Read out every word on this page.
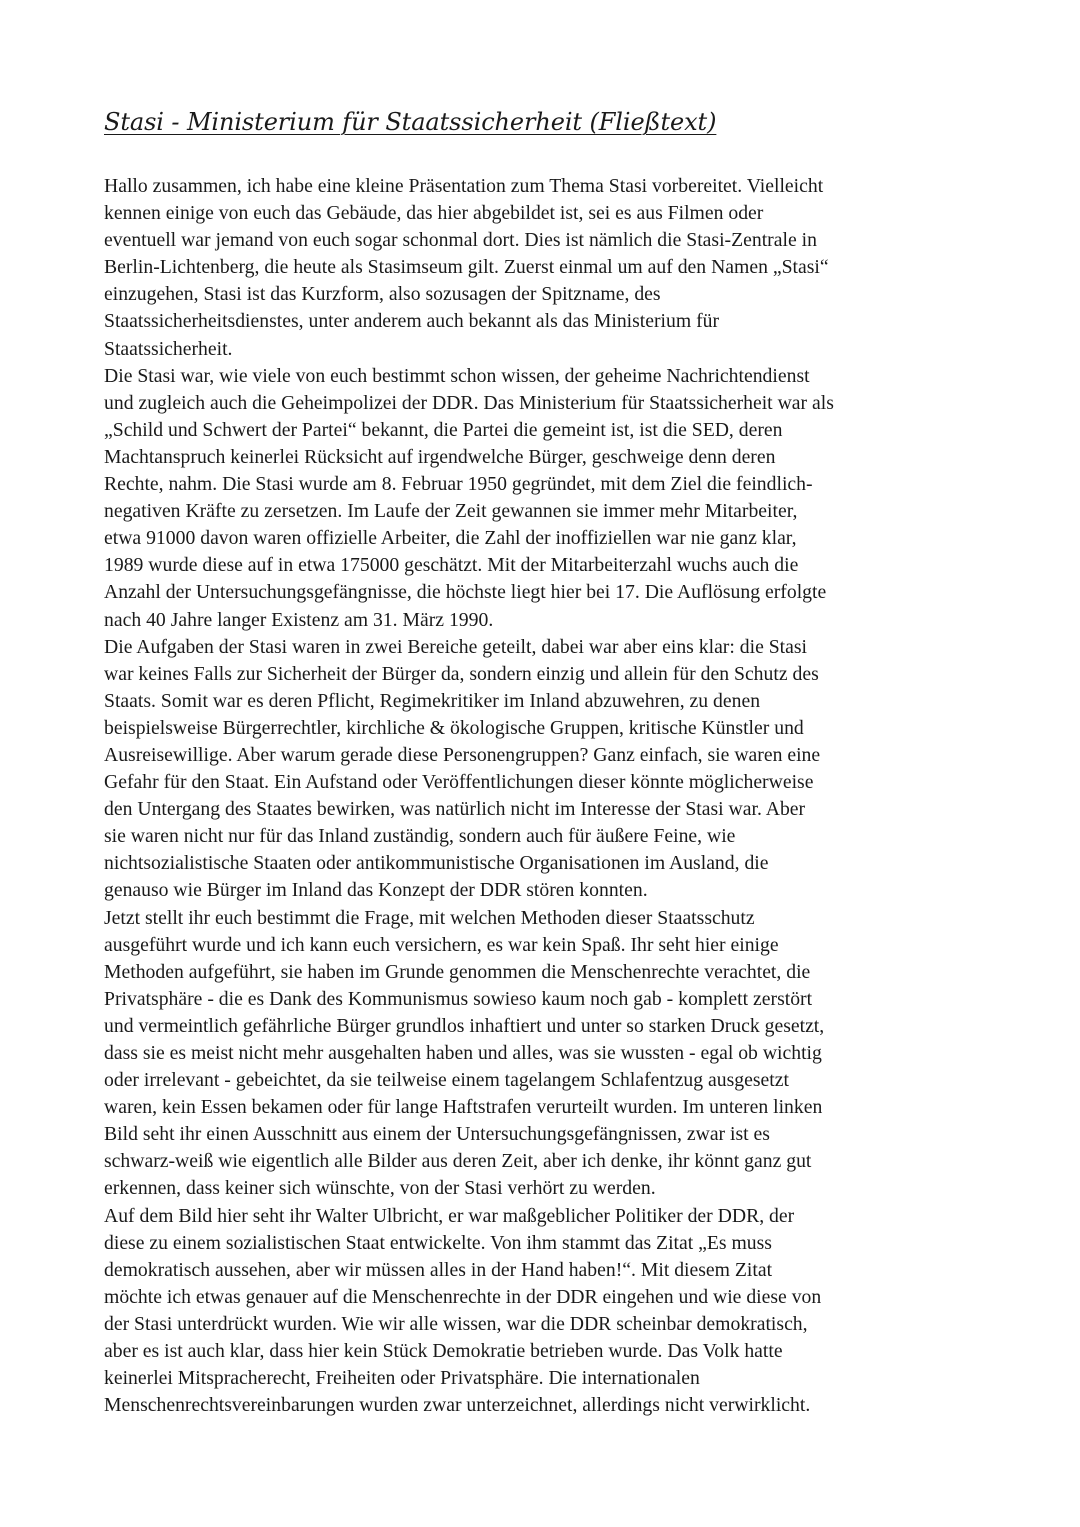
Stasi - Ministerium für Staatssicherheit (Fließtext)
Hallo zusammen, ich habe eine kleine Präsentation zum Thema Stasi vorbereitet. Vielleicht
kennen einige von euch das Gebäude, das hier abgebildet ist, sei es aus Filmen oder
eventuell war jemand von euch sogar schonmal dort. Dies ist nämlich die Stasi-Zentrale in
Berlin-Lichtenberg, die heute als Stasimseum gilt. Zuerst einmal um auf den Namen „Stasi“
einzugehen, Stasi ist das Kurzform, also sozusagen der Spitzname, des
Staatssicherheitsdienstes, unter anderem auch bekannt als das Ministerium für
Staatssicherheit.
Die Stasi war, wie viele von euch bestimmt schon wissen, der geheime Nachrichtendienst
und zugleich auch die Geheimpolizei der DDR. Das Ministerium für Staatssicherheit war als
„Schild und Schwert der Partei“ bekannt, die Partei die gemeint ist, ist die SED, deren
Machtanspruch keinerlei Rücksicht auf irgendwelche Bürger, geschweige denn deren
Rechte, nahm. Die Stasi wurde am 8. Februar 1950 gegründet, mit dem Ziel die feindlich-
negativen Kräfte zu zersetzen. Im Laufe der Zeit gewannen sie immer mehr Mitarbeiter,
etwa 91000 davon waren offizielle Arbeiter, die Zahl der inoffiziellen war nie ganz klar,
1989 wurde diese auf in etwa 175000 geschätzt. Mit der Mitarbeiterzahl wuchs auch die
Anzahl der Untersuchungsgefängnisse, die höchste liegt hier bei 17. Die Auflösung erfolgte
nach 40 Jahre langer Existenz am 31. März 1990.
Die Aufgaben der Stasi waren in zwei Bereiche geteilt, dabei war aber eins klar: die Stasi
war keines Falls zur Sicherheit der Bürger da, sondern einzig und allein für den Schutz des
Staats. Somit war es deren Pflicht, Regimekritiker im Inland abzuwehren, zu denen
beispielsweise Bürgerrechtler, kirchliche & ökologische Gruppen, kritische Künstler und
Ausreisewillige. Aber warum gerade diese Personengruppen? Ganz einfach, sie waren eine
Gefahr für den Staat. Ein Aufstand oder Veröffentlichungen dieser könnte möglicherweise
den Untergang des Staates bewirken, was natürlich nicht im Interesse der Stasi war. Aber
sie waren nicht nur für das Inland zuständig, sondern auch für äußere Feine, wie
nichtsozialistische Staaten oder antikommunistische Organisationen im Ausland, die
genauso wie Bürger im Inland das Konzept der DDR stören konnten.
Jetzt stellt ihr euch bestimmt die Frage, mit welchen Methoden dieser Staatsschutz
ausgeführt wurde und ich kann euch versichern, es war kein Spaß. Ihr seht hier einige
Methoden aufgeführt, sie haben im Grunde genommen die Menschenrechte verachtet, die
Privatsphäre - die es Dank des Kommunismus sowieso kaum noch gab - komplett zerstört
und vermeintlich gefährliche Bürger grundlos inhaftiert und unter so starken Druck gesetzt,
dass sie es meist nicht mehr ausgehalten haben und alles, was sie wussten - egal ob wichtig
oder irrelevant - gebeichtet, da sie teilweise einem tagelangem Schlafentzug ausgesetzt
waren, kein Essen bekamen oder für lange Haftstrafen verurteilt wurden. Im unteren linken
Bild seht ihr einen Ausschnitt aus einem der Untersuchungsgefängnissen, zwar ist es
schwarz-weiß wie eigentlich alle Bilder aus deren Zeit, aber ich denke, ihr könnt ganz gut
erkennen, dass keiner sich wünschte, von der Stasi verhört zu werden.
Auf dem Bild hier seht ihr Walter Ulbricht, er war maßgeblicher Politiker der DDR, der
diese zu einem sozialistischen Staat entwickelte. Von ihm stammt das Zitat „Es muss
demokratisch aussehen, aber wir müssen alles in der Hand haben!“. Mit diesem Zitat
möchte ich etwas genauer auf die Menschenrechte in der DDR eingehen und wie diese von
der Stasi unterdrückt wurden. Wie wir alle wissen, war die DDR scheinbar demokratisch,
aber es ist auch klar, dass hier kein Stück Demokratie betrieben wurde. Das Volk hatte
keinerlei Mitspracherecht, Freiheiten oder Privatsphäre. Die internationalen
Menschenrechtsvereinbarungen wurden zwar unterzeichnet, allerdings nicht verwirklicht.
